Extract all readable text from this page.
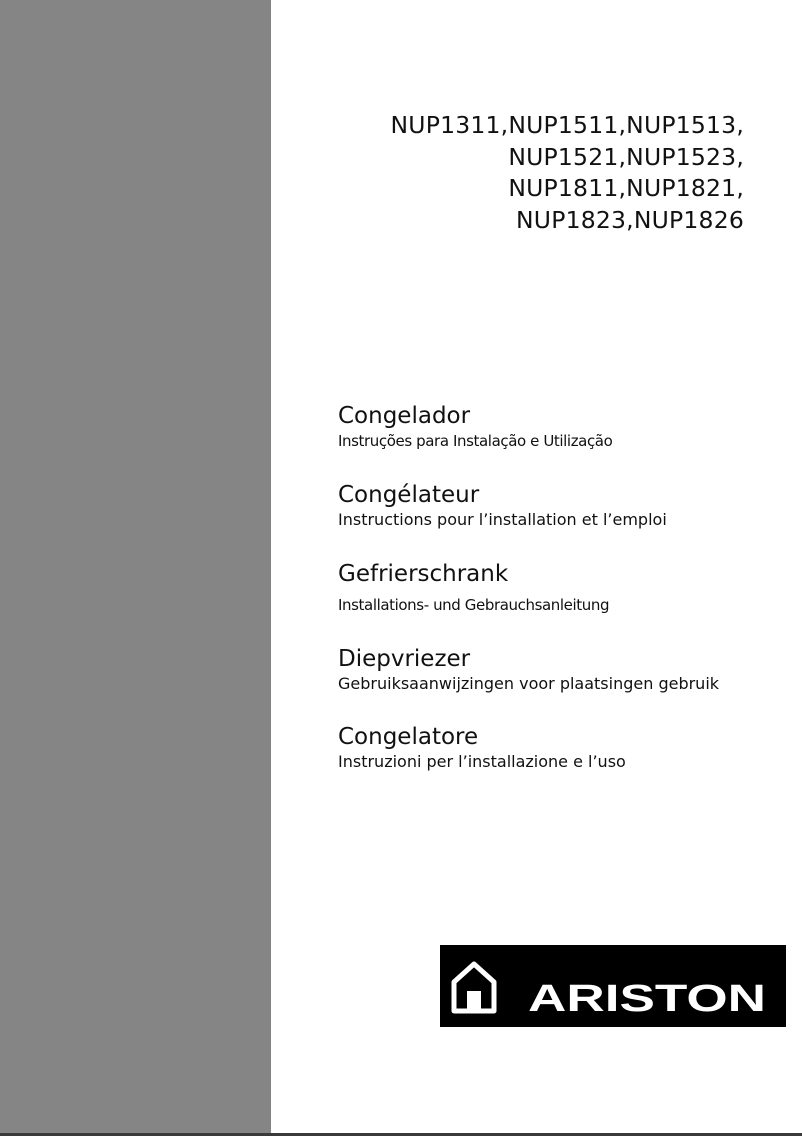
NUP1311,NUP1511,NUP1513,
NUP1521,NUP1523,
NUP1811,NUP1821,
NUP1823,NUP1826
Congelador
Instruções para Instalação e Utilização
Congélateur
Instructions pour l’installation et l’emploi
Gefrierschrank
Installations- und Gebrauchsanleitung
Diepvriezer
Gebruiksaanwijzingen voor plaatsingen gebruik
Congelatore
Instruzioni per l’installazione e l’uso
ARISTON
